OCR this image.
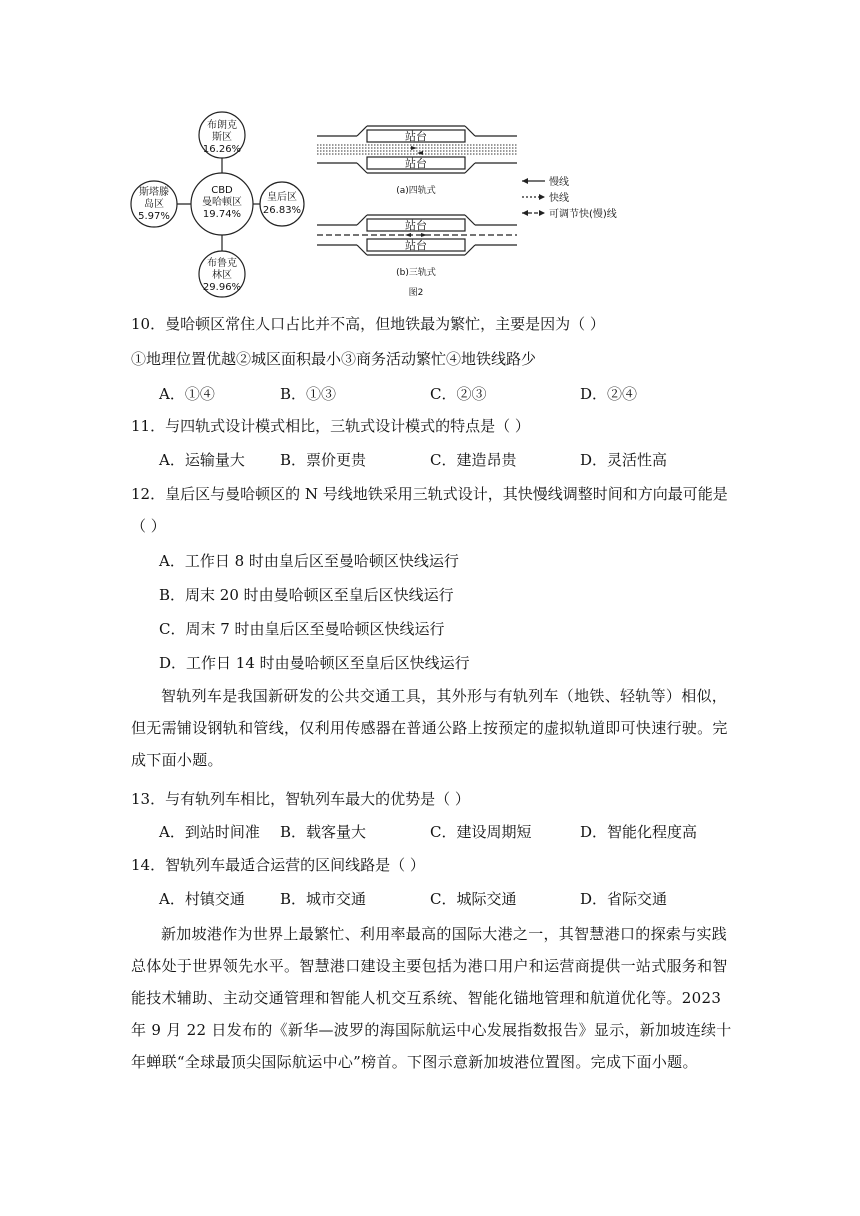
布朗克
斯区
16.26%
斯塔滕
岛区
5.97%
CBD
曼哈顿区
19.74%
皇后区
26.83%
布鲁克
林区
29.96%
站台
站台
(a)四轨式
站台
站台
(b)三轨式
图2
慢线
快线
可调节快(慢)线
10．曼哈顿区常住人口占比并不高，但地铁最为繁忙，主要是因为（ ）
①地理位置优越②城区面积最小③商务活动繁忙④地铁线路少
A．①④	B．①③	C．②③	D．②④
11．与四轨式设计模式相比，三轨式设计模式的特点是（ ）
A．运输量大 B．票价更贵	C．建造昂贵	D．灵活性高
12．皇后区与曼哈顿区的 N 号线地铁采用三轨式设计，其快慢线调整时间和方向最可能是
（ ）
A．工作日 8 时由皇后区至曼哈顿区快线运行
B．周末 20 时由曼哈顿区至皇后区快线运行
C．周末 7 时由皇后区至曼哈顿区快线运行
D．工作日 14 时由曼哈顿区至皇后区快线运行
智轨列车是我国新研发的公共交通工具，其外形与有轨列车（地铁、轻轨等）相似，但无需铺设钢轨和管线，仅利用传感器在普通公路上按预定的虚拟轨道即可快速行驶。完成下面小题。
13．与有轨列车相比，智轨列车最大的优势是（ ）
A．到站时间准 B．载客量大	C．建设周期短	D．智能化程度高
14．智轨列车最适合运营的区间线路是（ ）
A．村镇交通 B．城市交通	C．城际交通	D．省际交通
新加坡港作为世界上最繁忙、利用率最高的国际大港之一，其智慧港口的探索与实践总体处于世界领先水平。智慧港口建设主要包括为港口用户和运营商提供一站式服务和智能技术辅助、主动交通管理和智能人机交互系统、智能化锚地管理和航道优化等。2023 年 9 月 22 日发布的《新华—波罗的海国际航运中心发展指数报告》显示，新加坡连续十年蝉联“全球最顶尖国际航运中心”榜首。下图示意新加坡港位置图。完成下面小题。
